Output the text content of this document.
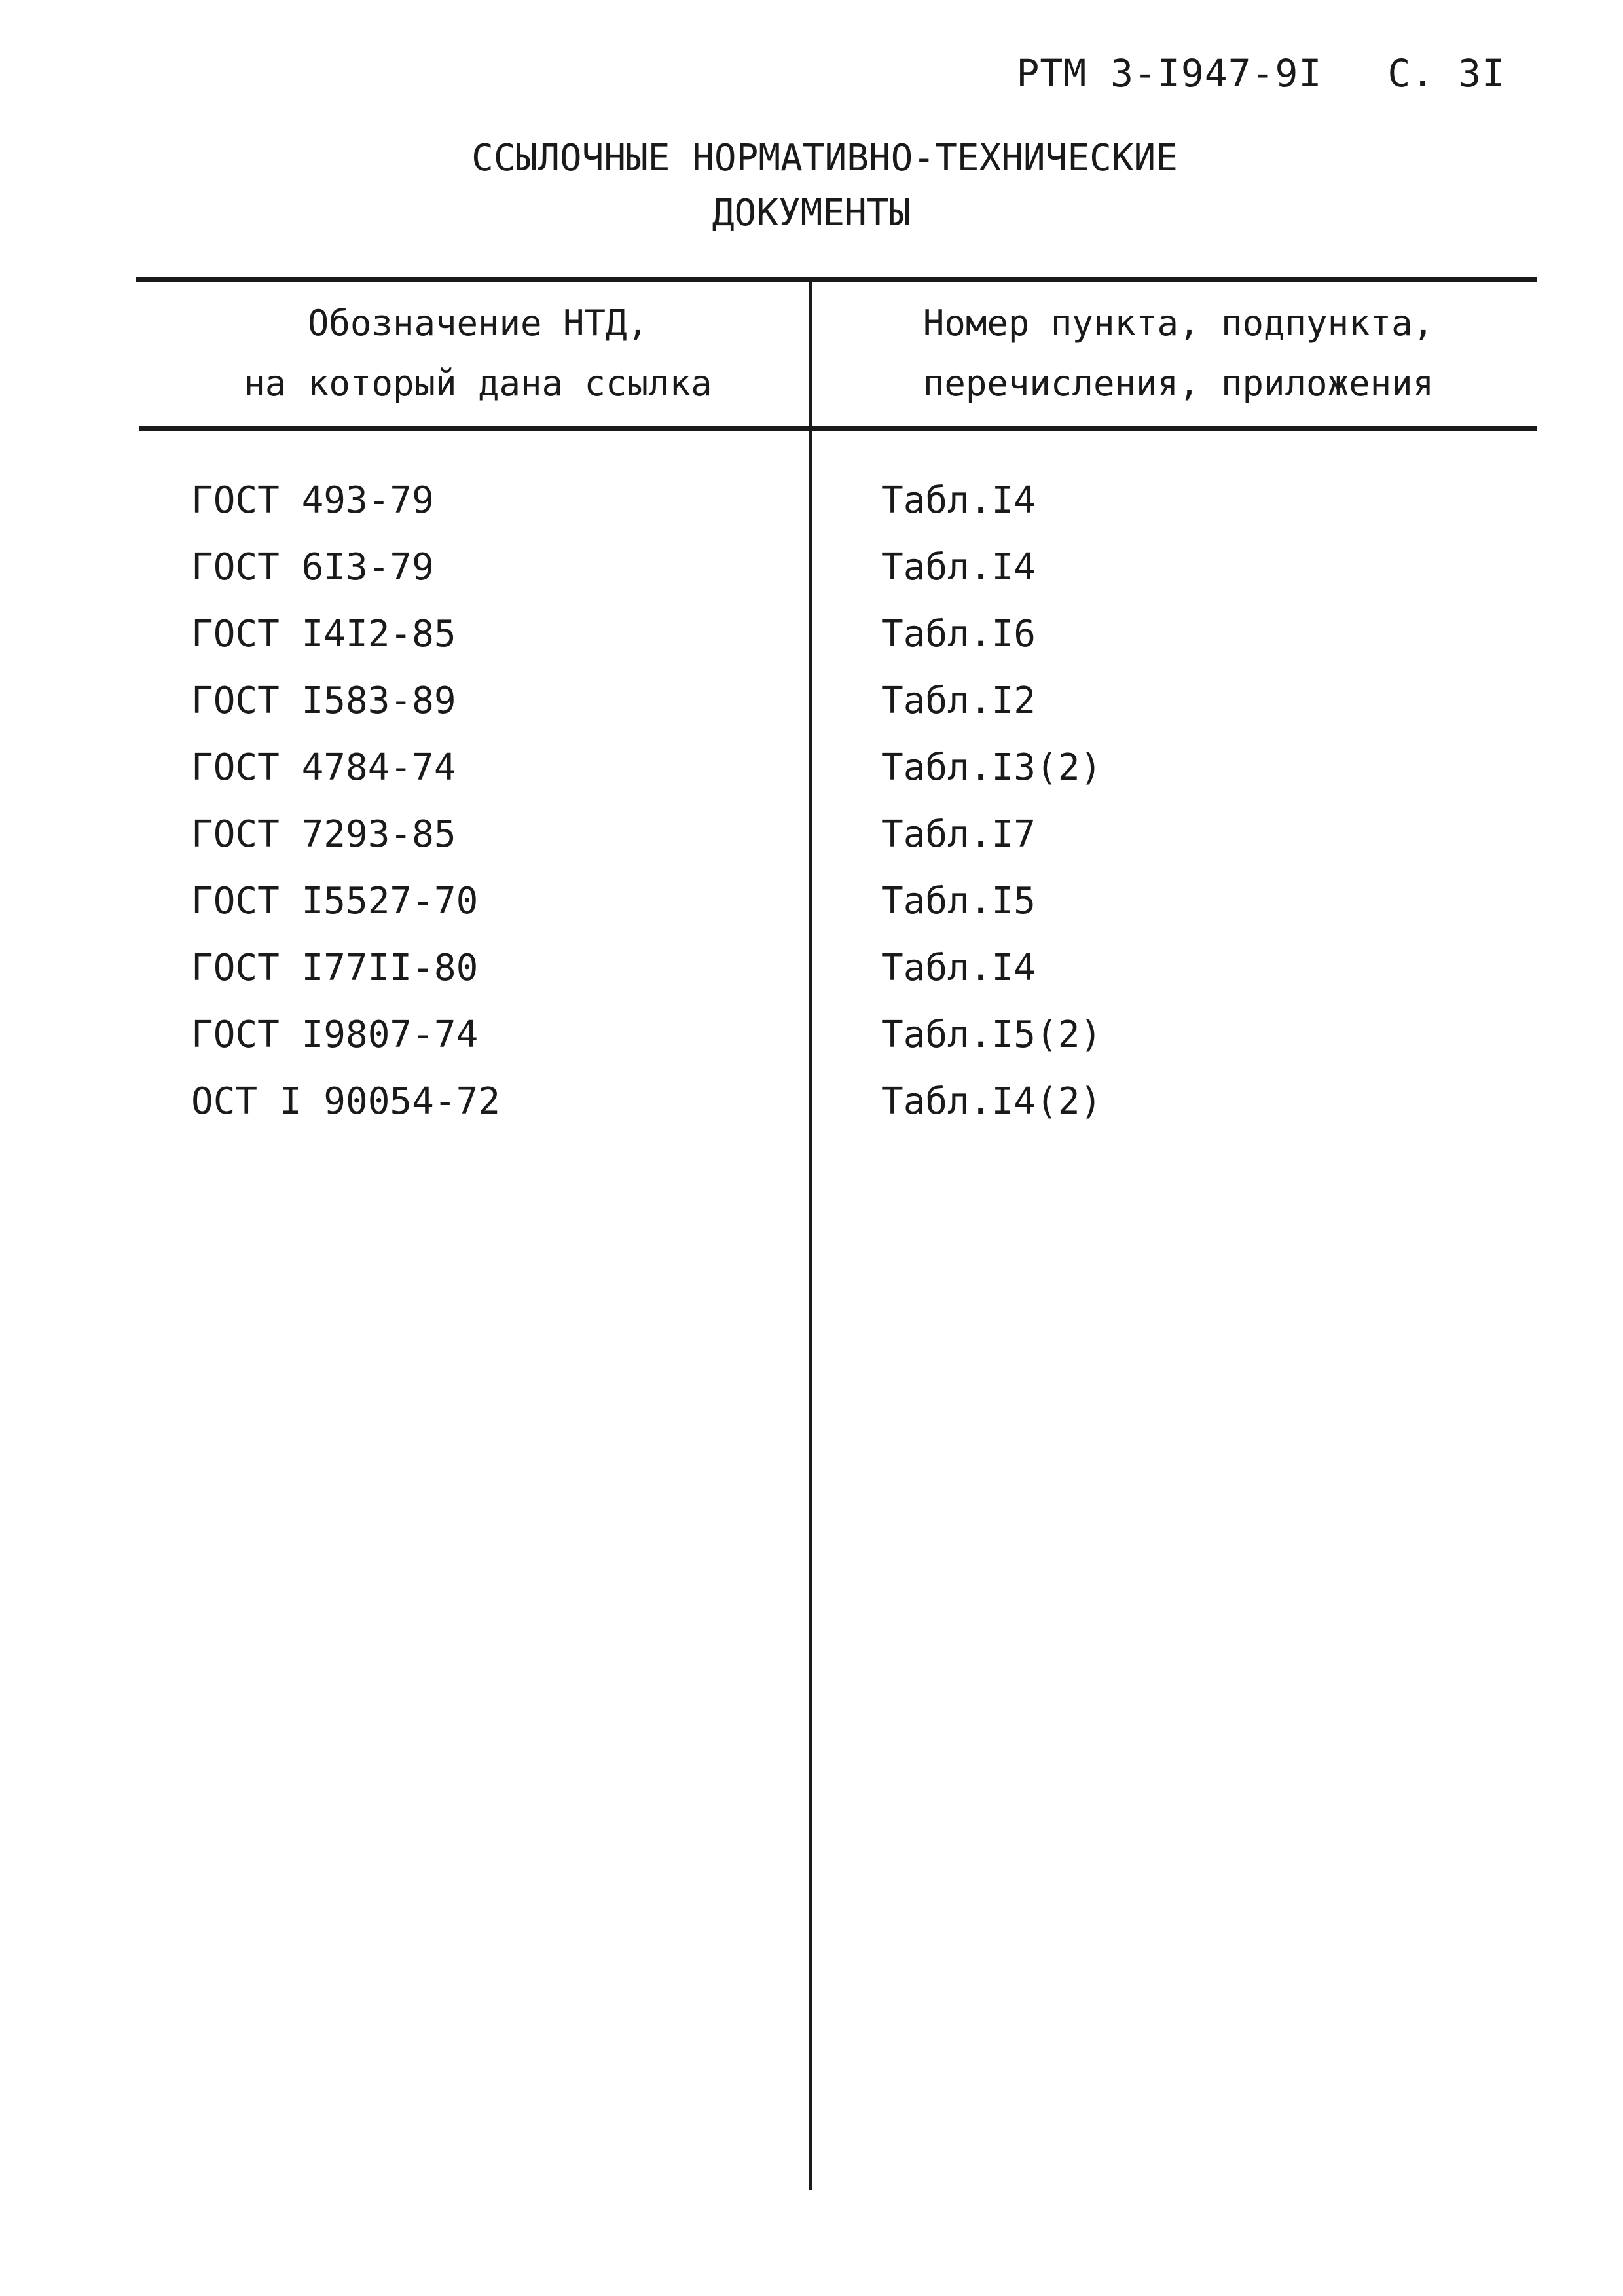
РТМ 3-I947-9I С. 3I
ССЫЛОЧНЫЕ НОРМАТИВНО-ТЕХНИЧЕСКИЕ
ДОКУМЕНТЫ
Обозначение НТД,
на который дана ссылка
Номер пункта, подпункта,
перечисления, приложения
ГОСТ 493-79	Табл.I4
ГОСТ 6I3-79	Табл.I4
ГОСТ I4I2-85	Табл.I6
ГОСТ I583-89	Табл.I2
ГОСТ 4784-74	Табл.I3(2)
ГОСТ 7293-85	Табл.I7
ГОСТ I5527-70	Табл.I5
ГОСТ I77II-80	Табл.I4
ГОСТ I9807-74	Табл.I5(2)
ОСТ I 90054-72	Табл.I4(2)
